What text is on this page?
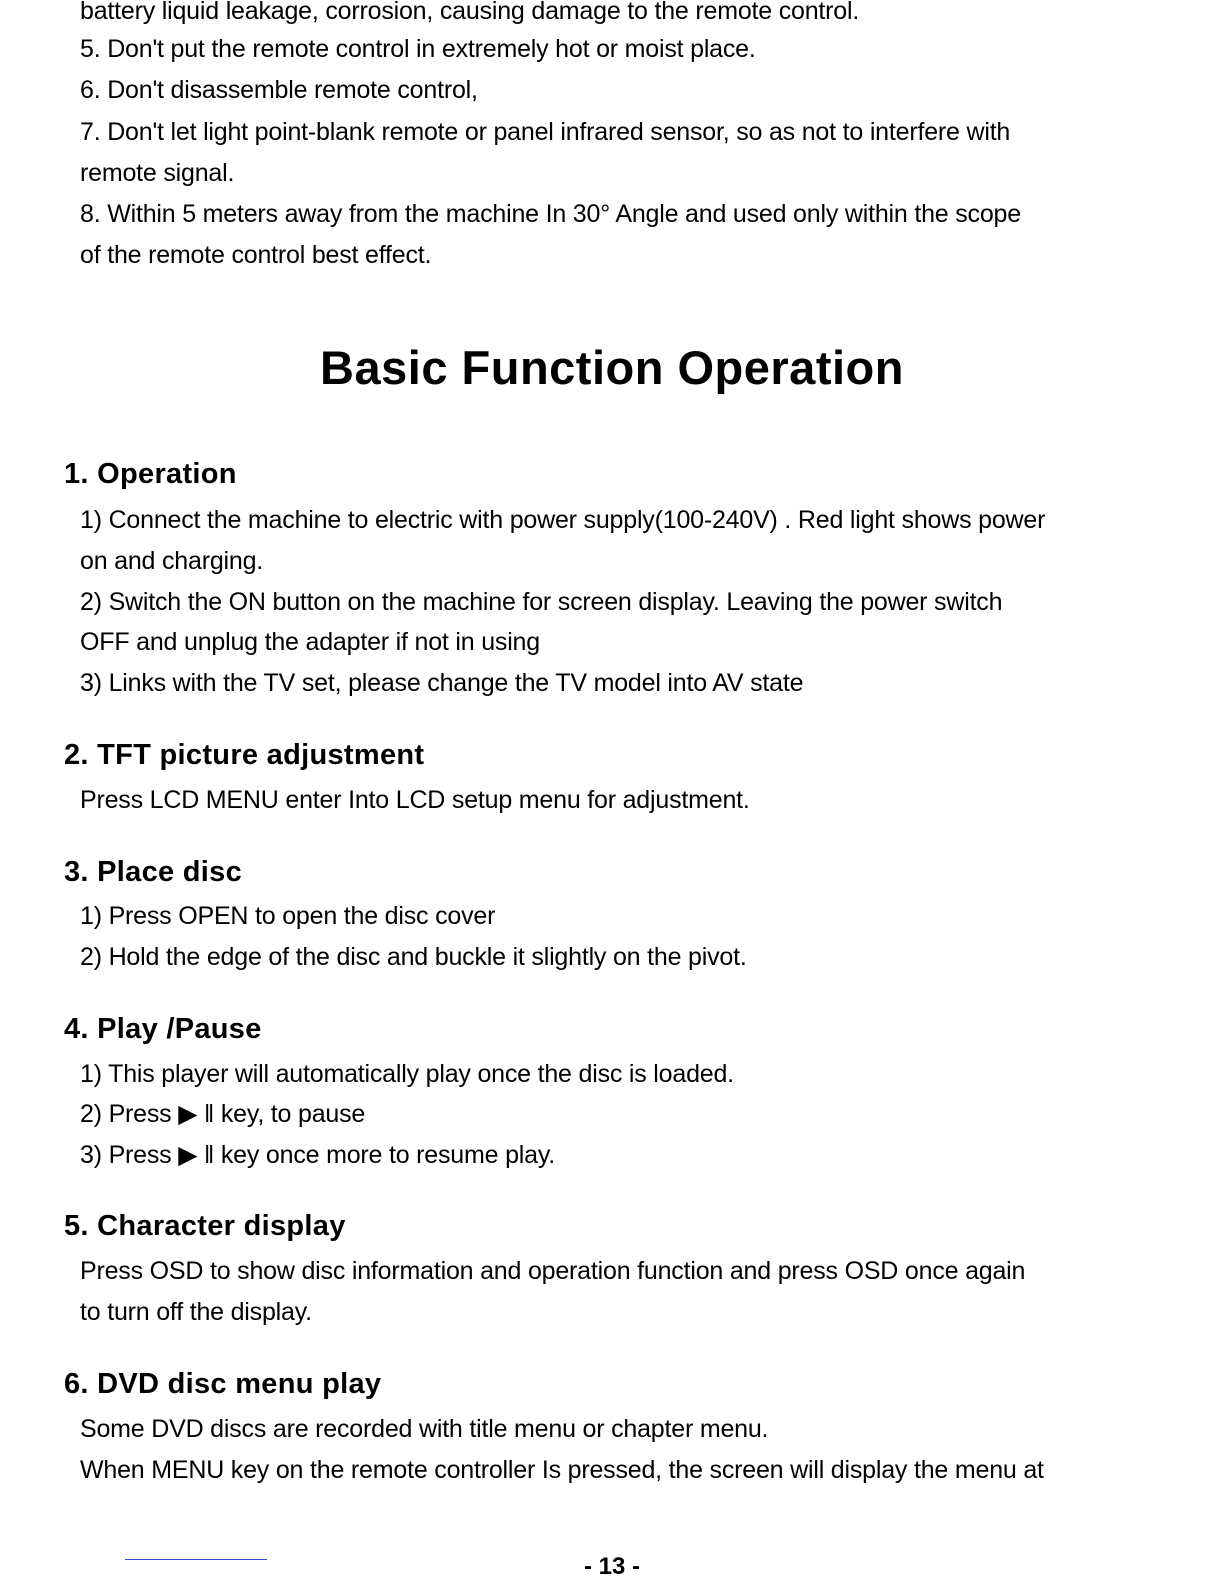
battery liquid leakage, corrosion, causing damage to the remote control.
5. Don't put the remote control in extremely hot or moist place.
6. Don't disassemble remote control,
7. Don't let light point-blank remote or panel infrared sensor, so as not to interfere with
remote signal.
8. Within 5 meters away from the machine In 30° Angle and used only within the scope
of the remote control best effect.
Basic Function Operation
1. Operation
1) Connect the machine to electric with power supply(100-240V) . Red light shows power
on and charging.
2) Switch the ON button on the machine for screen display. Leaving the power switch
OFF and unplug the adapter if not in using
3) Links with the TV set, please change the TV model into AV state
2. TFT picture adjustment
Press LCD MENU enter Into LCD setup menu for adjustment.
3. Place disc
1) Press OPEN to open the disc cover
2) Hold the edge of the disc and buckle it slightly on the pivot.
4. Play /Pause
1) This player will automatically play once the disc is loaded.
2) Press ▶ ‖ key, to pause
3) Press ▶ ‖ key once more to resume play.
5. Character display
Press OSD to show disc information and operation function and press OSD once again
to turn off the display.
6. DVD disc menu play
Some DVD discs are recorded with title menu or chapter menu.
When MENU key on the remote controller Is pressed, the screen will display the menu at
- 13 -
